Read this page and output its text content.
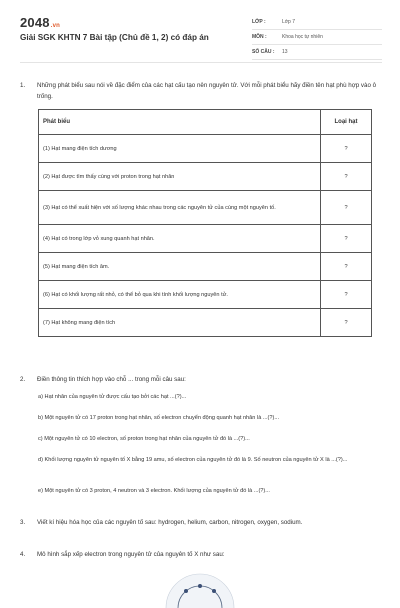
2048.vn
Giải SGK KHTN 7 Bài tập (Chủ đề 1, 2) có đáp án
LỚP :	Lớp 7
MÔN :	Khoa học tự nhiên
SỐ CÂU :	13
1.	Những phát biểu sau nói về đặc điểm của các hạt cấu tạo nên nguyên tử. Với mỗi phát biểu hãy điền tên hạt phù hợp vào ô trống.
Phát biểu	Loại hạt
(1) Hạt mang điện tích dương	?
(2) Hạt được tìm thấy cùng với proton trong hạt nhân	?
(3) Hạt có thể xuất hiện với số lượng khác nhau trong các nguyên tử của cùng một nguyên tố.	?
(4) Hạt có trong lớp vỏ xung quanh hạt nhân.	?
(5) Hạt mang điện tích âm.	?
(6) Hạt có khối lượng rất nhỏ, có thể bỏ qua khi tính khối lượng nguyên tử.	?
(7) Hạt không mang điện tích	?
2.	Điền thông tin thích hợp vào chỗ ... trong mỗi câu sau:
a) Hạt nhân của nguyên tử được cấu tạo bởi các hạt ...(?)...
b) Một nguyên tử có 17 proton trong hạt nhân, số electron chuyển động quanh hạt nhân là ...(?)...
c) Một nguyên tử có 10 electron, số proton trong hạt nhân của nguyên tử đó là ...(?)...
d) Khối lượng nguyên tử nguyên tố X bằng 19 amu, số electron của nguyên tử đó là 9. Số neutron của nguyên tử X là ...(?)...
e) Một nguyên tử có 3 proton, 4 neutron và 3 electron. Khối lượng của nguyên tử đó là ...(?)...
3.	Viết kí hiệu hóa học của các nguyên tố sau: hydrogen, helium, carbon, nitrogen, oxygen, sodium.
4.	Mô hình sắp xếp electron trong nguyên tử của nguyên tố X như sau:
